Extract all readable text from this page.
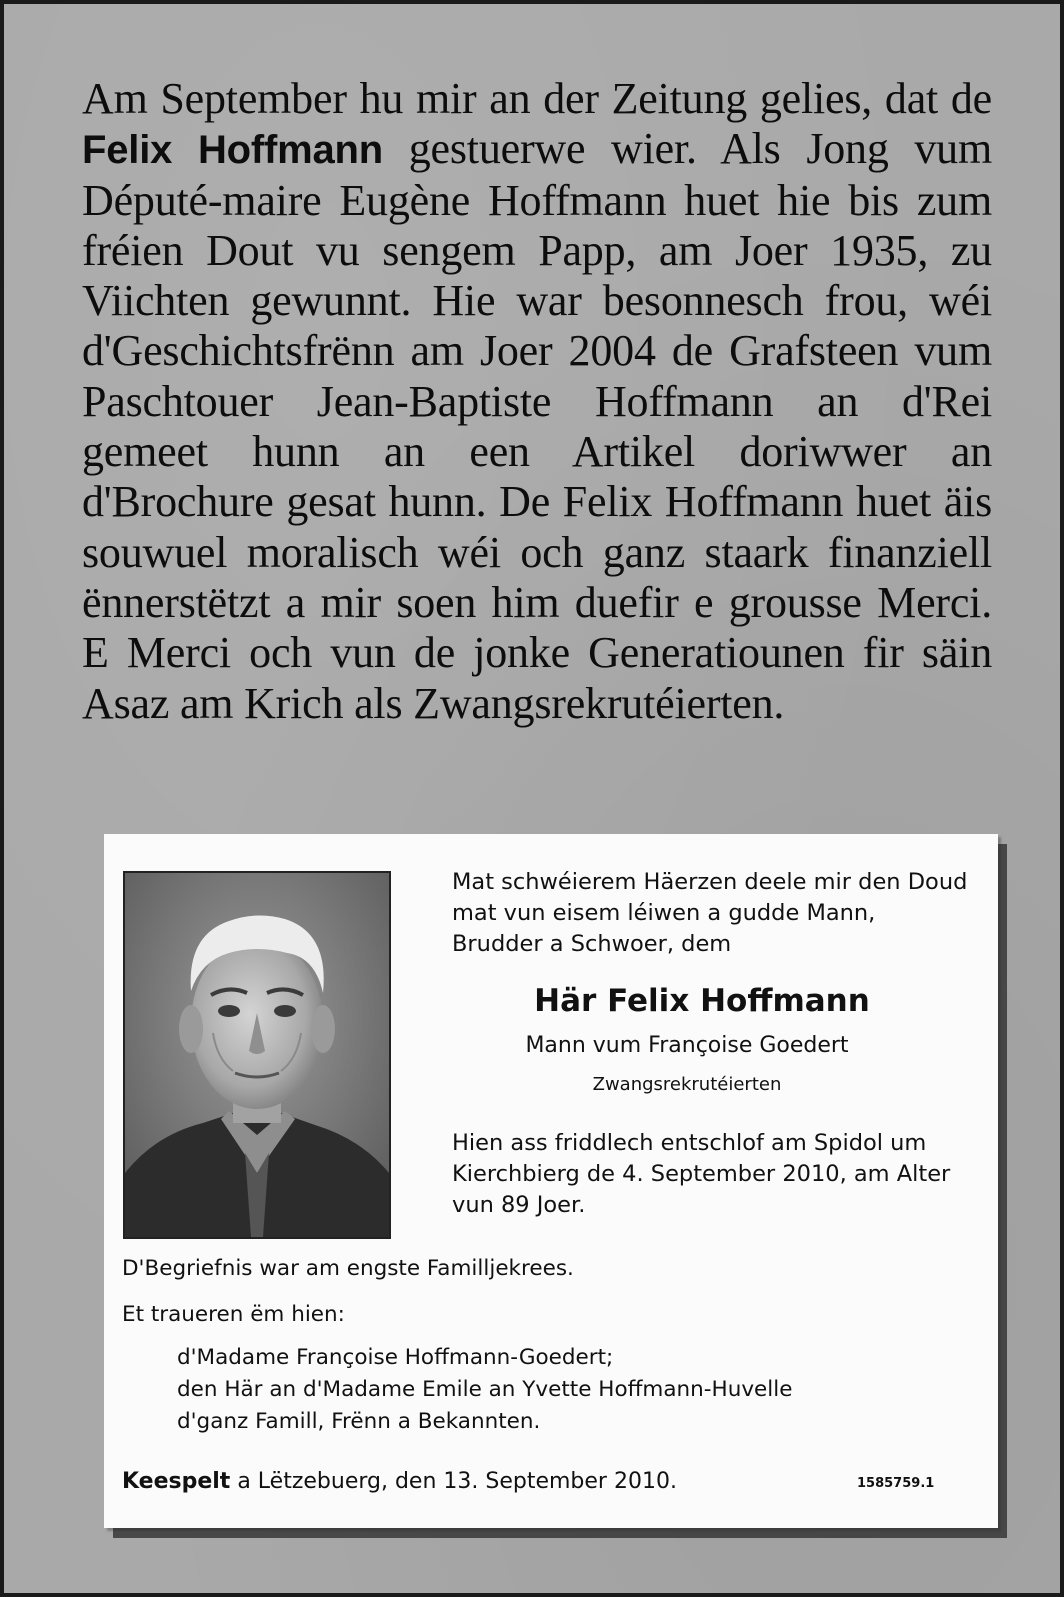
Am September hu mir an der Zeitung gelies, dat de Felix Hoffmann gestuerwe wier. Als Jong vum Député-maire Eugène Hoffmann huet hie bis zum fréien Dout vu sengem Papp, am Joer 1935, zu Viichten gewunnt. Hie war besonnesch frou, wéi d'Geschichtsfrënn am Joer 2004 de Grafsteen vum Paschtouer Jean-Baptiste Hoffmann an d'Rei gemeet hunn an een Artikel doriwwer an d'Brochure gesat hunn. De Felix Hoffmann huet äis souwuel moralisch wéi och ganz staark finanziell ënnerstëtzt a mir soen him duefir e grousse Merci. E Merci och vun de jonke Generatiounen fir säin Asaz am Krich als Zwangsrekrutéierten.

Mat schwéierem Häerzen deele mir den Doud mat vun eisem léiwen a gudde Mann, Brudder a Schwoer, dem

Här Felix Hoffmann

Mann vum Françoise Goedert

Zwangsrekrutéierten

Hien ass friddlech entschlof am Spidol um Kierchbierg de 4. September 2010, am Alter vun 89 Joer.

D'Begriefnis war am engste Familljekrees.

Et traueren ëm hien:

d'Madame Françoise Hoffmann-Goedert;
den Här an d'Madame Emile an Yvette Hoffmann-Huvelle
d'ganz Famill, Frënn a Bekannten.

Keespelt a Lëtzebuerg, den 13. September 2010.	1585759.1
